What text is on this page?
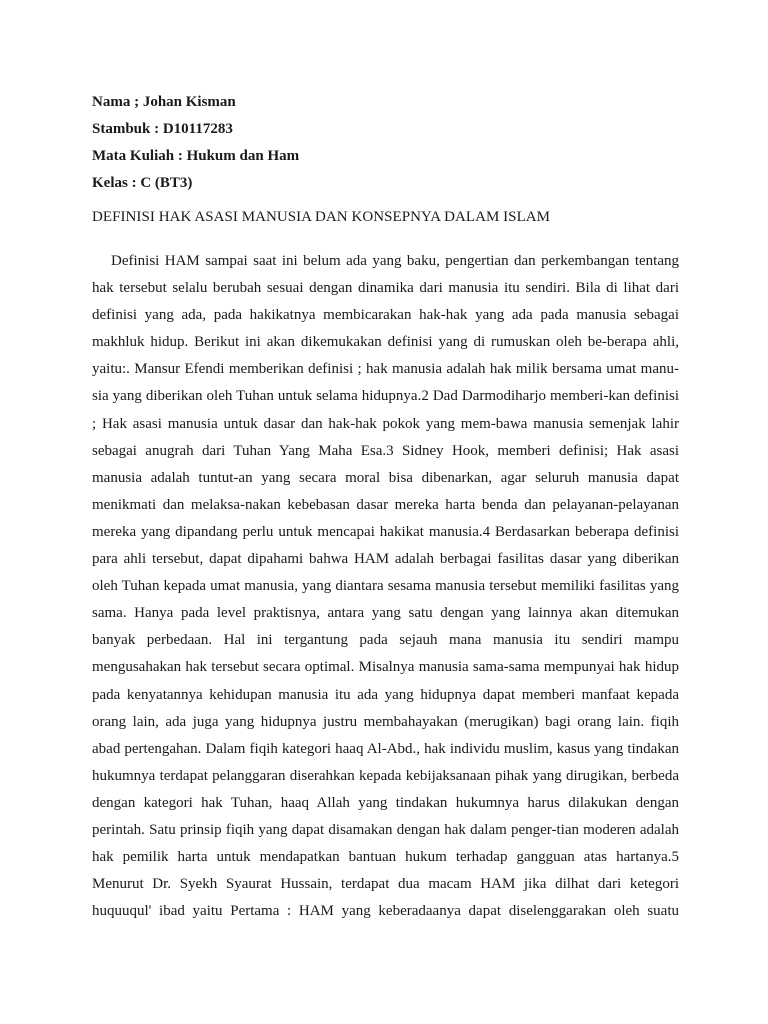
Nama ; Johan Kisman
Stambuk : D10117283
Mata Kuliah : Hukum dan Ham
Kelas : C (BT3)
DEFINISI HAK ASASI MANUSIA DAN KONSEPNYA DALAM ISLAM
Definisi HAM sampai saat ini belum ada yang baku, pengertian dan perkembangan tentang
hak tersebut selalu berubah sesuai dengan dinamika dari manusia itu sendiri. Bila di lihat dari
definisi yang ada, pada hakikatnya membicarakan hak-hak yang ada pada manusia sebagai
makhluk hidup. Berikut ini akan dikemukakan definisi yang di rumuskan oleh be-berapa ahli,
yaitu:. Mansur Efendi memberikan definisi ; hak manusia adalah hak milik bersama umat manu-
sia yang diberikan oleh Tuhan untuk selama hidupnya.2 Dad Darmodiharjo memberi-kan definisi
; Hak asasi manusia untuk dasar dan hak-hak pokok yang mem-bawa manusia semenjak lahir
sebagai anugrah dari Tuhan Yang Maha Esa.3 Sidney Hook, memberi definisi; Hak asasi
manusia adalah tuntut-an yang secara moral bisa dibenarkan, agar seluruh manusia dapat
menikmati dan melaksa-nakan kebebasan dasar mereka harta benda dan pelayanan-pelayanan
mereka yang dipandang perlu untuk mencapai hakikat manusia.4 Berdasarkan beberapa definisi
para ahli tersebut, dapat dipahami bahwa HAM adalah berbagai fasilitas dasar yang diberikan
oleh Tuhan kepada umat manusia, yang diantara sesama manusia tersebut memiliki fasilitas yang
sama. Hanya pada level praktisnya, antara yang satu dengan yang lainnya akan ditemukan
banyak perbedaan. Hal ini tergantung pada sejauh mana manusia itu sendiri mampu
mengusahakan hak tersebut secara optimal. Misalnya manusia sama-sama mempunyai hak hidup
pada kenyatannya kehidupan manusia itu ada yang hidupnya dapat memberi manfaat kepada
orang lain, ada juga yang hidupnya justru membahayakan (merugikan) bagi orang lain. fiqih
abad pertengahan. Dalam fiqih kategori haaq Al-Abd., hak individu muslim, kasus yang tindakan
hukumnya terdapat pelanggaran diserahkan kepada kebijaksanaan pihak yang dirugikan, berbeda
dengan kategori hak Tuhan, haaq Allah yang tindakan hukumnya harus dilakukan dengan
perintah. Satu prinsip fiqih yang dapat disamakan dengan hak dalam penger-tian moderen adalah
hak pemilik harta untuk mendapatkan bantuan hukum terhadap gangguan atas hartanya.5
Menurut Dr. Syekh Syaurat Hussain, terdapat dua macam HAM jika dilhat dari ketegori
huquuqul' ibad yaitu Pertama : HAM yang keberadaanya dapat diselenggarakan oleh suatu
